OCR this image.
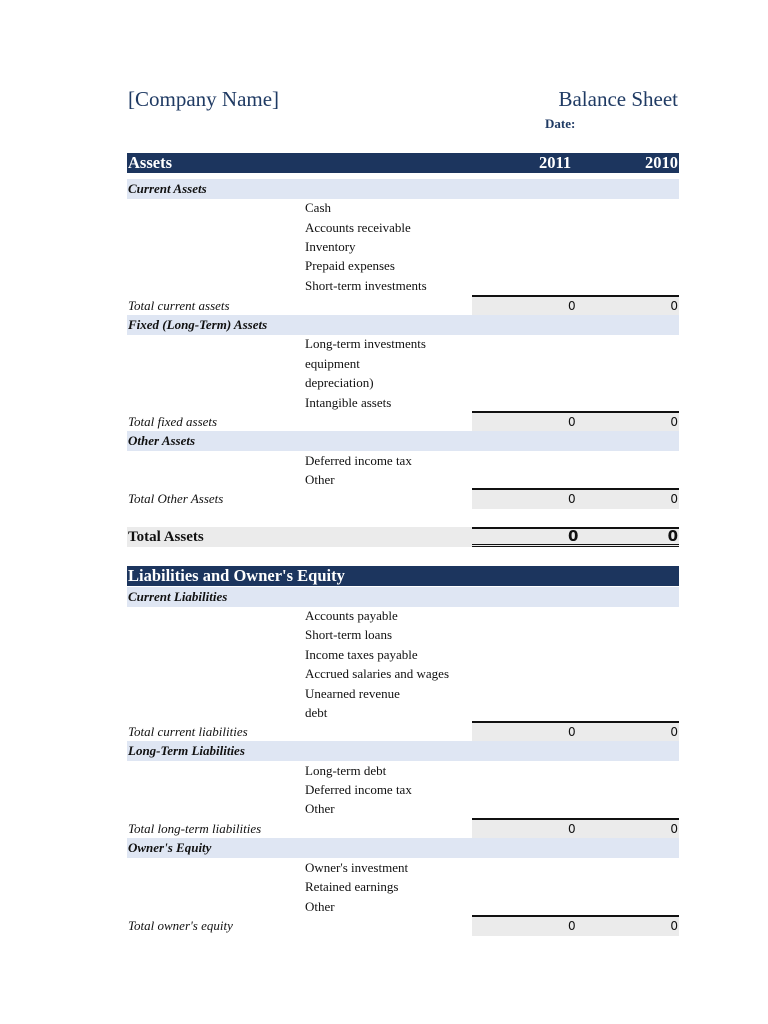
[Company Name]	Balance Sheet
Date:
Assets	2011	2010
Current Assets
Cash
Accounts receivable
Inventory
Prepaid expenses
Short-term investments
Total current assets	0	0
Fixed (Long-Term) Assets
Long-term investments
equipment
depreciation)
Intangible assets
Total fixed assets	0	0
Other Assets
Deferred income tax
Other
Total Other Assets	0	0
Total Assets	0	0
Liabilities and Owner's Equity
Current Liabilities
Accounts payable
Short-term loans
Income taxes payable
Accrued salaries and wages
Unearned revenue
debt
Total current liabilities	0	0
Long-Term Liabilities
Long-term debt
Deferred income tax
Other
Total long-term liabilities	0	0
Owner's Equity
Owner's investment
Retained earnings
Other
Total owner's equity	0	0
